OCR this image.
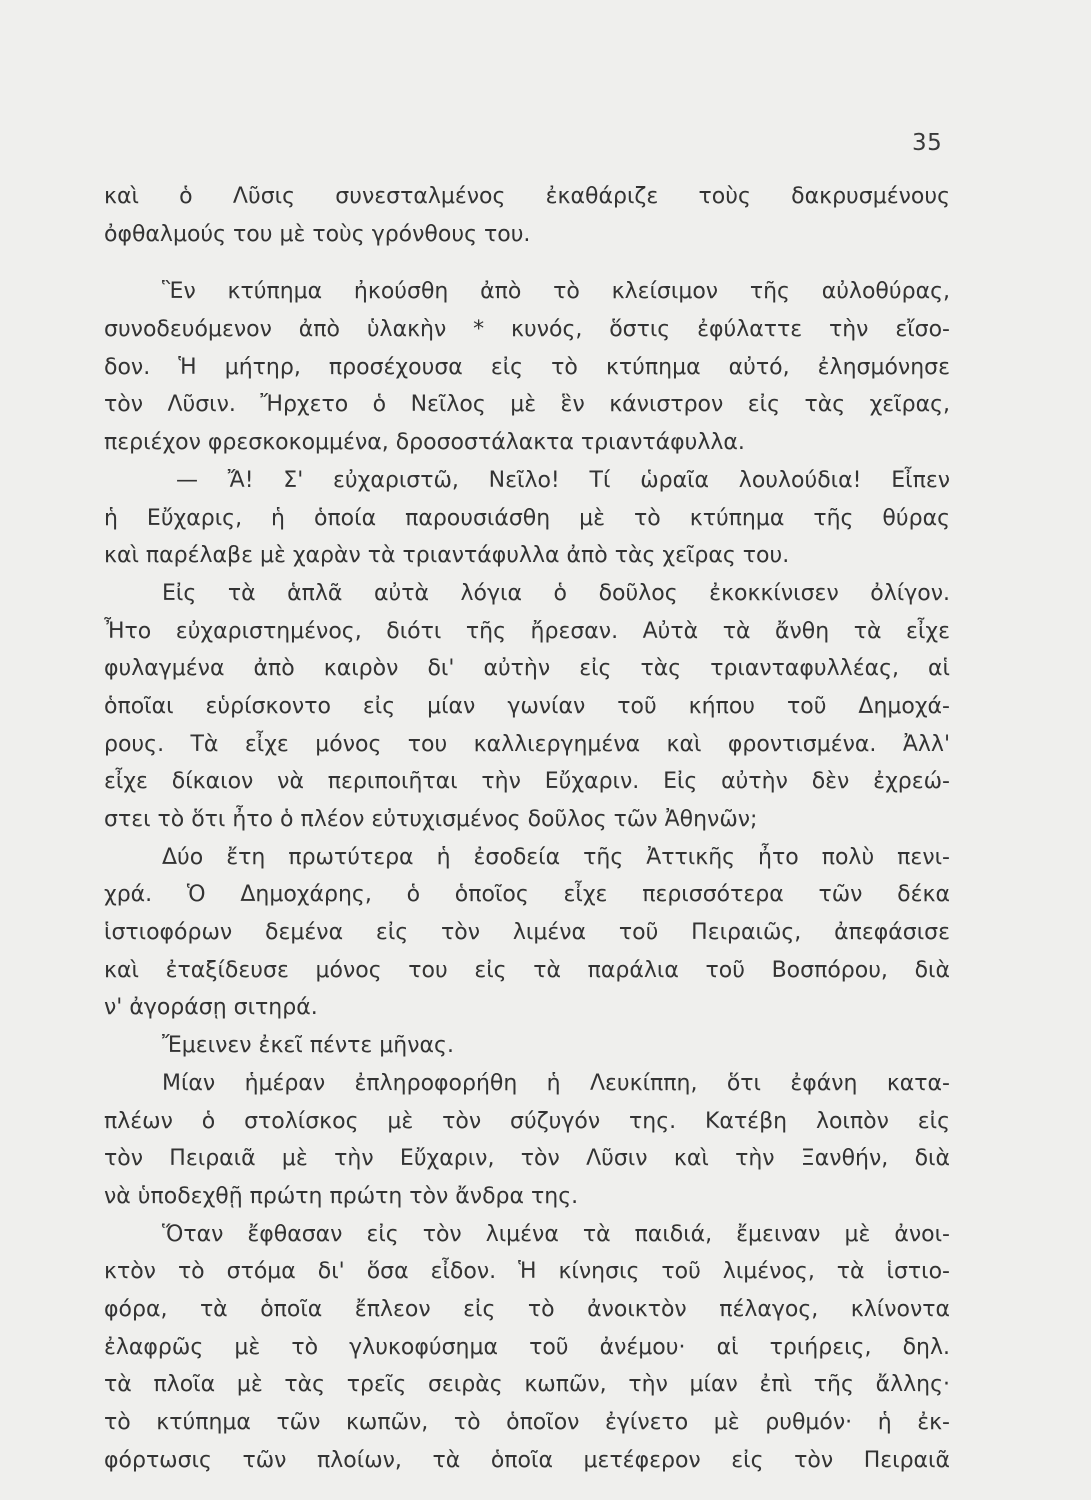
35
καὶ ὁ Λῦσις συνεσταλμένος ἐκαθάριζε τοὺς δακρυσμένους
ὀφθαλμούς του μὲ τοὺς γρόνθους του.
Ἓν κτύπημα ἠκούσθη ἀπὸ τὸ κλείσιμον τῆς αὐλοθύρας,
συνοδευόμενον ἀπὸ ὑλακὴν * κυνός, ὅστις ἐφύλαττε τὴν εἴσο-
δον. Ἡ μήτηρ, προσέχουσα εἰς τὸ κτύπημα αὐτό, ἐλησμόνησε
τὸν Λῦσιν. Ἤρχετο ὁ Νεῖλος μὲ ἓν κάνιστρον εἰς τὰς χεῖρας,
περιέχον φρεσκοκομμένα, δροσοστάλακτα τριαντάφυλλα.
— Ἄ! Σ' εὐχαριστῶ, Νεῖλο! Τί ὡραῖα λουλούδια! Εἶπεν
ἡ Εὔχαρις, ἡ ὁποία παρουσιάσθη μὲ τὸ κτύπημα τῆς θύρας
καὶ παρέλαβε μὲ χαρὰν τὰ τριαντάφυλλα ἀπὸ τὰς χεῖρας του.
Εἰς τὰ ἁπλᾶ αὐτὰ λόγια ὁ δοῦλος ἐκοκκίνισεν ὀλίγον.
Ἦτο εὐχαριστημένος, διότι τῆς ἤρεσαν. Αὐτὰ τὰ ἄνθη τὰ εἶχε
φυλαγμένα ἀπὸ καιρὸν δι' αὐτὴν εἰς τὰς τριανταφυλλέας, αἱ
ὁποῖαι εὑρίσκοντο εἰς μίαν γωνίαν τοῦ κήπου τοῦ Δημοχά-
ρους. Τὰ εἶχε μόνος του καλλιεργημένα καὶ φροντισμένα. Ἀλλ'
εἶχε δίκαιον νὰ περιποιῆται τὴν Εὔχαριν. Εἰς αὐτὴν δὲν ἐχρεώ-
στει τὸ ὅτι ἦτο ὁ πλέον εὐτυχισμένος δοῦλος τῶν Ἀθηνῶν;
Δύο ἔτη πρωτύτερα ἡ ἐσοδεία τῆς Ἀττικῆς ἦτο πολὺ πενι-
χρά. Ὁ Δημοχάρης, ὁ ὁποῖος εἶχε περισσότερα τῶν δέκα
ἱστιοφόρων δεμένα εἰς τὸν λιμένα τοῦ Πειραιῶς, ἀπεφάσισε
καὶ ἐταξίδευσε μόνος του εἰς τὰ παράλια τοῦ Βοσπόρου, διὰ
ν' ἀγοράσῃ σιτηρά.
Ἔμεινεν ἐκεῖ πέντε μῆνας.
Μίαν ἡμέραν ἐπληροφορήθη ἡ Λευκίππη, ὅτι ἐφάνη κατα-
πλέων ὁ στολίσκος μὲ τὸν σύζυγόν της. Κατέβη λοιπὸν εἰς
τὸν Πειραιᾶ μὲ τὴν Εὔχαριν, τὸν Λῦσιν καὶ τὴν Ξανθήν, διὰ
νὰ ὑποδεχθῇ πρώτη πρώτη τὸν ἄνδρα της.
Ὅταν ἔφθασαν εἰς τὸν λιμένα τὰ παιδιά, ἔμειναν μὲ ἀνοι-
κτὸν τὸ στόμα δι' ὅσα εἶδον. Ἡ κίνησις τοῦ λιμένος, τὰ ἱστιο-
φόρα, τὰ ὁποῖα ἔπλεον εἰς τὸ ἀνοικτὸν πέλαγος, κλίνοντα
ἐλαφρῶς μὲ τὸ γλυκοφύσημα τοῦ ἀνέμου· αἱ τριήρεις, δηλ.
τὰ πλοῖα μὲ τὰς τρεῖς σειρὰς κωπῶν, τὴν μίαν ἐπὶ τῆς ἄλλης·
τὸ κτύπημα τῶν κωπῶν, τὸ ὁποῖον ἐγίνετο μὲ ρυθμόν· ἡ ἐκ-
φόρτωσις τῶν πλοίων, τὰ ὁποῖα μετέφερον εἰς τὸν Πειραιᾶ
